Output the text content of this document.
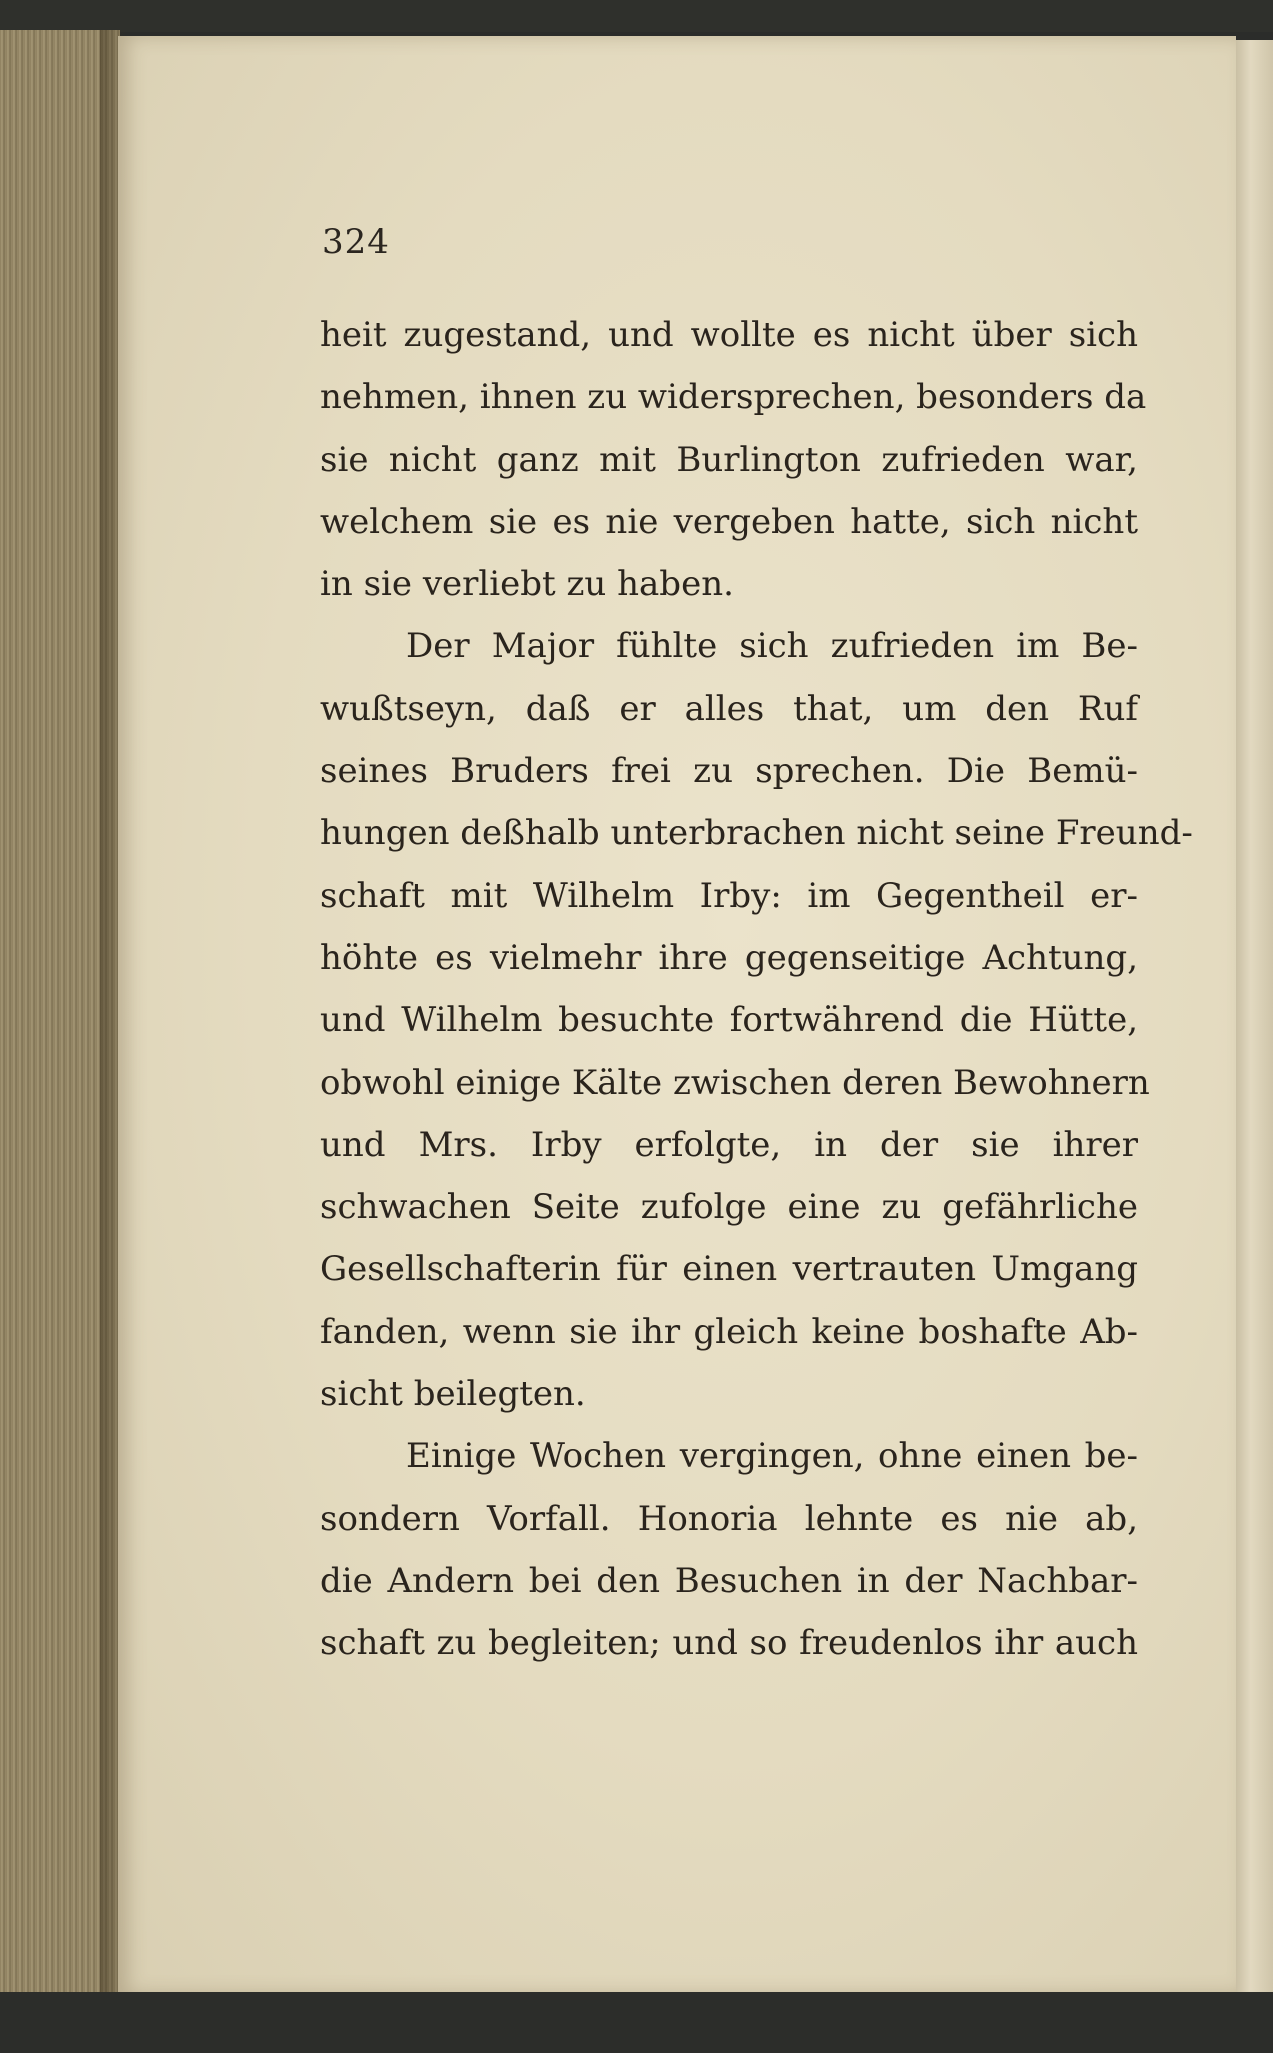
324
heit zugestand, und wollte es nicht über sich
nehmen, ihnen zu widersprechen, besonders da
sie nicht ganz mit Burlington zufrieden war,
welchem sie es nie vergeben hatte, sich nicht
in sie verliebt zu haben.
Der Major fühlte sich zufrieden im Be-
wußtseyn, daß er alles that, um den Ruf
seines Bruders frei zu sprechen. Die Bemü-
hungen deßhalb unterbrachen nicht seine Freund-
schaft mit Wilhelm Irby: im Gegentheil er-
höhte es vielmehr ihre gegenseitige Achtung,
und Wilhelm besuchte fortwährend die Hütte,
obwohl einige Kälte zwischen deren Bewohnern
und Mrs. Irby erfolgte, in der sie ihrer
schwachen Seite zufolge eine zu gefährliche
Gesellschafterin für einen vertrauten Umgang
fanden, wenn sie ihr gleich keine boshafte Ab-
sicht beilegten.
Einige Wochen vergingen, ohne einen be-
sondern Vorfall. Honoria lehnte es nie ab,
die Andern bei den Besuchen in der Nachbar-
schaft zu begleiten; und so freudenlos ihr auch
